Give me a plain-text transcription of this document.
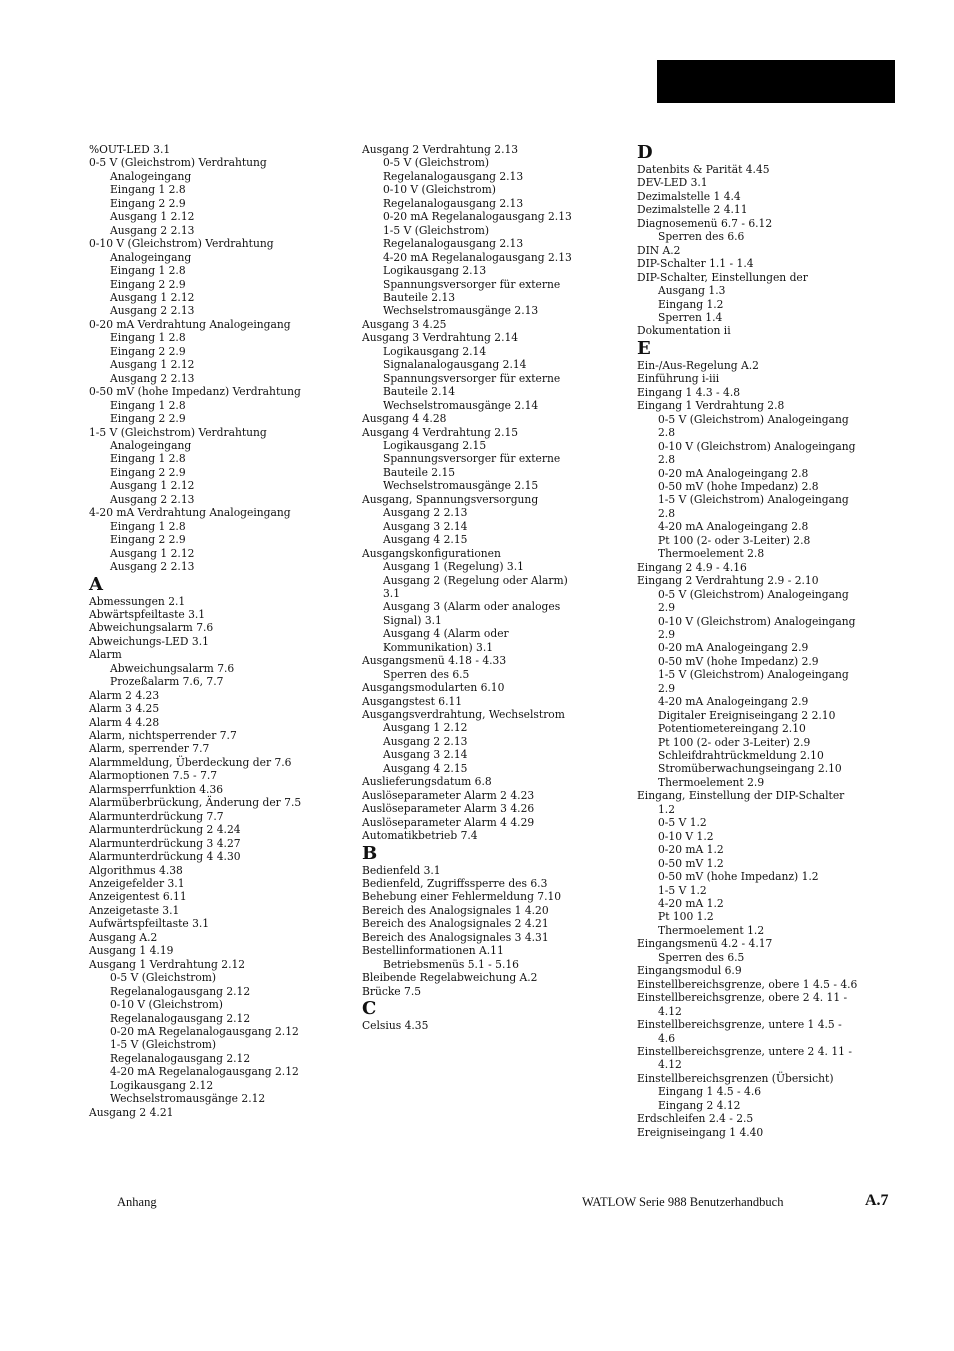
%OUT-LED 3.1
0-5 V (Gleichstrom) Verdrahtung
Analogeingang
Eingang 1 2.8
Eingang 2 2.9
Ausgang 1 2.12
Ausgang 2 2.13
0-10 V (Gleichstrom) Verdrahtung
Analogeingang
Eingang 1 2.8
Eingang 2 2.9
Ausgang 1 2.12
Ausgang 2 2.13
0-20 mA Verdrahtung Analogeingang
Eingang 1 2.8
Eingang 2 2.9
Ausgang 1 2.12
Ausgang 2 2.13
0-50 mV (hohe Impedanz) Verdrahtung
Eingang 1 2.8
Eingang 2 2.9
1-5 V (Gleichstrom) Verdrahtung
Analogeingang
Eingang 1 2.8
Eingang 2 2.9
Ausgang 1 2.12
Ausgang 2 2.13
4-20 mA Verdrahtung Analogeingang
Eingang 1 2.8
Eingang 2 2.9
Ausgang 1 2.12
Ausgang 2 2.13
A
Abmessungen 2.1
Abwärtspfeiltaste 3.1
Abweichungsalarm 7.6
Abweichungs-LED 3.1
Alarm
Abweichungsalarm 7.6
Prozeßalarm 7.6, 7.7
Alarm 2 4.23
Alarm 3 4.25
Alarm 4 4.28
Alarm, nichtsperrender 7.7
Alarm, sperrender 7.7
Alarmmeldung, Überdeckung der 7.6
Alarmoptionen 7.5 - 7.7
Alarmsperrfunktion 4.36
Alarmüberbrückung, Änderung der 7.5
Alarmunterdrückung 7.7
Alarmunterdrückung 2 4.24
Alarmunterdrückung 3 4.27
Alarmunterdrückung 4 4.30
Algorithmus 4.38
Anzeigefelder 3.1
Anzeigentest 6.11
Anzeigetaste 3.1
Aufwärtspfeiltaste 3.1
Ausgang A.2
Ausgang 1 4.19
Ausgang 1 Verdrahtung 2.12
0-5 V (Gleichstrom)
Regelanalogausgang 2.12
0-10 V (Gleichstrom)
Regelanalogausgang 2.12
0-20 mA Regelanalogausgang 2.12
1-5 V (Gleichstrom)
Regelanalogausgang 2.12
4-20 mA Regelanalogausgang 2.12
Logikausgang 2.12
Wechselstromausgänge 2.12
Ausgang 2 4.21
Ausgang 2 Verdrahtung 2.13
0-5 V (Gleichstrom)
Regelanalogausgang 2.13
0-10 V (Gleichstrom)
Regelanalogausgang 2.13
0-20 mA Regelanalogausgang 2.13
1-5 V (Gleichstrom)
Regelanalogausgang 2.13
4-20 mA Regelanalogausgang 2.13
Logikausgang 2.13
Spannungsversorger für externe
Bauteile 2.13
Wechselstromausgänge 2.13
Ausgang 3 4.25
Ausgang 3 Verdrahtung 2.14
Logikausgang 2.14
Signalanalogausgang 2.14
Spannungsversorger für externe
Bauteile 2.14
Wechselstromausgänge 2.14
Ausgang 4 4.28
Ausgang 4 Verdrahtung 2.15
Logikausgang 2.15
Spannungsversorger für externe
Bauteile 2.15
Wechselstromausgänge 2.15
Ausgang, Spannungsversorgung
Ausgang 2 2.13
Ausgang 3 2.14
Ausgang 4 2.15
Ausgangskonfigurationen
Ausgang 1 (Regelung) 3.1
Ausgang 2 (Regelung oder Alarm)
3.1
Ausgang 3 (Alarm oder analoges
Signal) 3.1
Ausgang 4 (Alarm oder
Kommunikation) 3.1
Ausgangsmenü 4.18 - 4.33
Sperren des 6.5
Ausgangsmodularten 6.10
Ausgangstest 6.11
Ausgangsverdrahtung, Wechselstrom
Ausgang 1 2.12
Ausgang 2 2.13
Ausgang 3 2.14
Ausgang 4 2.15
Auslieferungsdatum 6.8
Auslöseparameter Alarm 2 4.23
Auslöseparameter Alarm 3 4.26
Auslöseparameter Alarm 4 4.29
Automatikbetrieb 7.4
B
Bedienfeld 3.1
Bedienfeld, Zugriffssperre des 6.3
Behebung einer Fehlermeldung 7.10
Bereich des Analogsignales 1 4.20
Bereich des Analogsignales 2 4.21
Bereich des Analogsignales 3 4.31
Bestellinformationen A.11
Betriebsmenüs 5.1 - 5.16
Bleibende Regelabweichung A.2
Brücke 7.5
C
Celsius 4.35
D
Datenbits & Parität 4.45
DEV-LED 3.1
Dezimalstelle 1 4.4
Dezimalstelle 2 4.11
Diagnosemenü 6.7 - 6.12
Sperren des 6.6
DIN A.2
DIP-Schalter 1.1 - 1.4
DIP-Schalter, Einstellungen der
Ausgang 1.3
Eingang 1.2
Sperren 1.4
Dokumentation ii
E
Ein-/Aus-Regelung A.2
Einführung i-iii
Eingang 1 4.3 - 4.8
Eingang 1 Verdrahtung 2.8
0-5 V (Gleichstrom) Analogeingang
2.8
0-10 V (Gleichstrom) Analogeingang
2.8
0-20 mA Analogeingang 2.8
0-50 mV (hohe Impedanz) 2.8
1-5 V (Gleichstrom) Analogeingang
2.8
4-20 mA Analogeingang 2.8
Pt 100 (2- oder 3-Leiter) 2.8
Thermoelement 2.8
Eingang 2 4.9 - 4.16
Eingang 2 Verdrahtung 2.9 - 2.10
0-5 V (Gleichstrom) Analogeingang
2.9
0-10 V (Gleichstrom) Analogeingang
2.9
0-20 mA Analogeingang 2.9
0-50 mV (hohe Impedanz) 2.9
1-5 V (Gleichstrom) Analogeingang
2.9
4-20 mA Analogeingang 2.9
Digitaler Ereigniseingang 2 2.10
Potentiometereingang 2.10
Pt 100 (2- oder 3-Leiter) 2.9
Schleifdrahtrückmeldung 2.10
Stromüberwachungseingang 2.10
Thermoelement 2.9
Eingang, Einstellung der DIP-Schalter
1.2
0-5 V 1.2
0-10 V 1.2
0-20 mA 1.2
0-50 mV 1.2
0-50 mV (hohe Impedanz) 1.2
1-5 V 1.2
4-20 mA 1.2
Pt 100 1.2
Thermoelement 1.2
Eingangsmenü 4.2 - 4.17
Sperren des 6.5
Eingangsmodul 6.9
Einstellbereichsgrenze, obere 1 4.5 - 4.6
Einstellbereichsgrenze, obere 2 4. 11 -
4.12
Einstellbereichsgrenze, untere 1 4.5 -
4.6
Einstellbereichsgrenze, untere 2 4. 11 -
4.12
Einstellbereichsgrenzen (Übersicht)
Eingang 1 4.5 - 4.6
Eingang 2 4.12
Erdschleifen 2.4 - 2.5
Ereigniseingang 1 4.40
Anhang	WATLOW Serie 988 Benutzerhandbuch	A.7
